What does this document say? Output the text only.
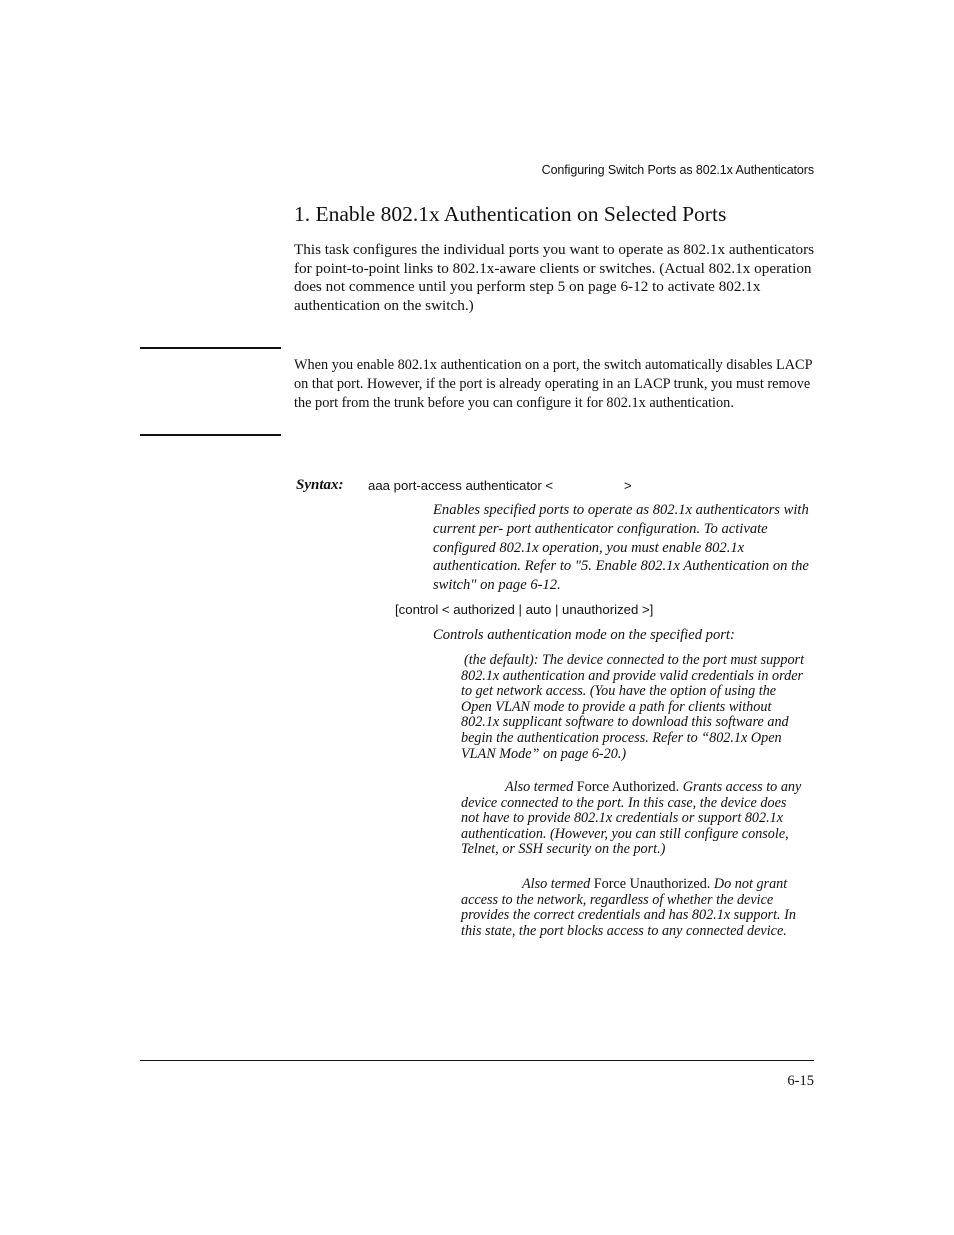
Configuring Switch Ports as 802.1x Authenticators
1. Enable 802.1x Authentication on Selected Ports
This task configures the individual ports you want to operate as 802.1x authenticators for point-to-point links to 802.1x-aware clients or switches. (Actual 802.1x operation does not commence until you perform step 5 on page 6-12 to activate 802.1x authentication on the switch.)
When you enable 802.1x authentication on a port, the switch automatically disables LACP on that port. However, if the port is already operating in an LACP trunk, you must remove the port from the trunk before you can configure it for 802.1x authentication.
Syntax: aaa port-access authenticator <	>
Enables specified ports to operate as 802.1x authenticators with current per- port authenticator configuration. To activate configured 802.1x operation, you must enable 802.1x authentication. Refer to "5. Enable 802.1x Authentication on the switch" on page 6-12.
[control < authorized | auto | unauthorized >]
Controls authentication mode on the specified port:
(the default): The device connected to the port must support 802.1x authentication and provide valid credentials in order to get network access. (You have the option of using the Open VLAN mode to provide a path for clients without 802.1x supplicant software to download this software and begin the authentication process. Refer to “802.1x Open VLAN Mode” on page 6-20.)
Also termed Force Authorized. Grants access to any device connected to the port. In this case, the device does not have to provide 802.1x credentials or support 802.1x authentication. (However, you can still configure console, Telnet, or SSH security on the port.)
Also termed Force Unauthorized. Do not grant access to the network, regardless of whether the device provides the correct credentials and has 802.1x support. In this state, the port blocks access to any connected device.
6-15
